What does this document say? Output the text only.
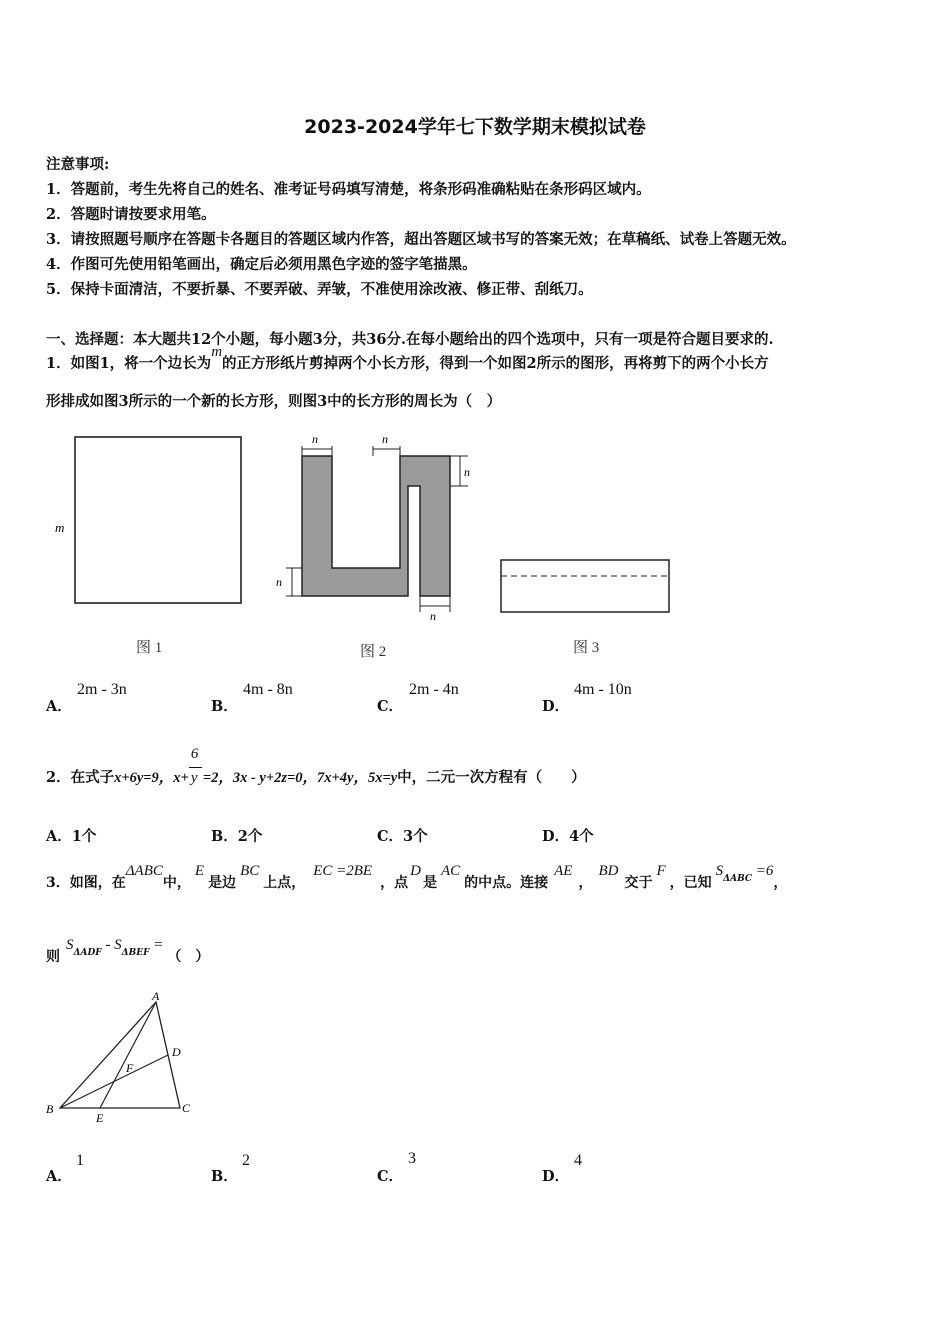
2023-2024学年七下数学期末模拟试卷
注意事项:
1．答题前，考生先将自己的姓名、准考证号码填写清楚，将条形码准确粘贴在条形码区域内。
2．答题时请按要求用笔。
3．请按照题号顺序在答题卡各题目的答题区域内作答，超出答题区域书写的答案无效；在草稿纸、试卷上答题无效。
4．作图可先使用铅笔画出，确定后必须用黑色字迹的签字笔描黑。
5．保持卡面清洁，不要折暴、不要弄破、弄皱，不准使用涂改液、修正带、刮纸刀。
一、选择题：本大题共12个小题，每小题3分，共36分.在每小题给出的四个选项中，只有一项是符合题目要求的.
1．如图1，将一个边长为m的正方形纸片剪掉两个小长方形，得到一个如图2所示的图形，再将剪下的两个小长方
形排成如图3所示的一个新的长方形，则图3中的长方形的周长为（　）
m
n	n
n
n
n
图 1	图 2	图 3
A．
2m - 3n
B．
4m - 8n
C．
2m - 4n
D．
4m - 10n
2．在式子x+6y=9，$x+ \frac{6}{y} =2$，3x - y+2z=0，7x+4y，5x=y中，二元一次方程有（　　）
A．1个	B．2个	C．3个	D．4个
3．如图，在ΔABC中，E是边BC上点，EC =2BE，点D是AC的中点。连接AE，BD交于F，已知$S^{\Delta ABC} =6$，
则$S^{\Delta ADF} - S^{\Delta BEF}$ =（　）
A
B	C
D
E
F
A．
1
B．
2
C．
3
D．
4
